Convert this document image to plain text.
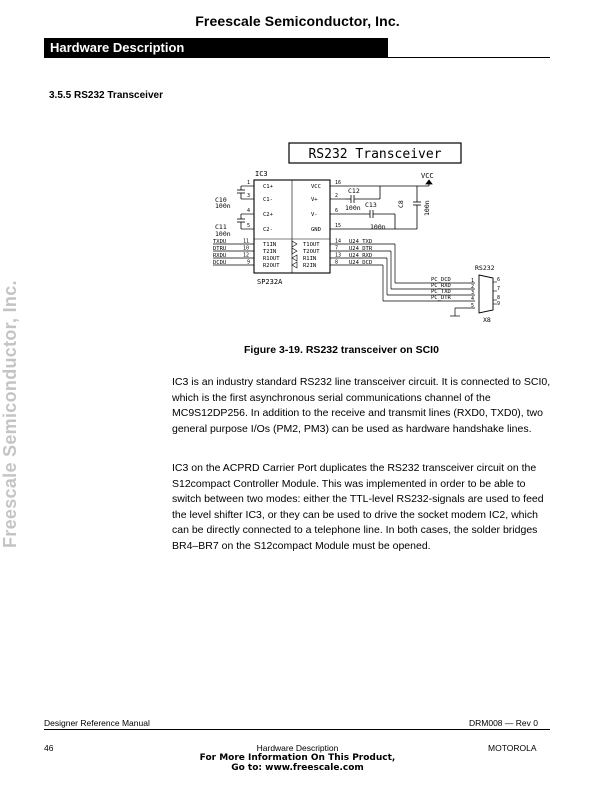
Freescale Semiconductor, Inc.
Hardware Description
Freescale Semiconductor, Inc.
3.5.5 RS232 Transceiver
RS232 Transceiver
IC3
SP232A
C1+
C1-
C2+
C2-
T1IN
T2IN
R1OUT
R2OUT
VCC
V+
V-
GND
T1OUT
T2OUT
R1IN
R2IN
1
3
4
5
11
10
12
9
C10
100n
C11
100n
TXDU
DTRU
RXDU
DCDU
16
2
6
15
14
7
13
8
C12
100n C13
100n
C8	100n
VCC
U24_TXD
U24_DTR
U24_RXD
U24_DCD
PC_DCD
PC_RXD
PC_TXD
PC_DTR
1
2
3
4
5
6
7
8
9
RS232
X8
Figure 3-19. RS232 transceiver on SCI0
IC3 is an industry standard RS232 line transceiver circuit. It is connected to SCI0, which is the first asynchronous serial communications channel of the MC9S12DP256. In addition to the receive and transmit lines (RXD0, TXD0), two general purpose I/Os (PM2, PM3) can be used as hardware handshake lines.
IC3 on the ACPRD Carrier Port duplicates the RS232 transceiver circuit on the S12compact Controller Module. This was implemented in order to be able to switch between two modes: either the TTL-level RS232-signals are used to feed the level shifter IC3, or they can be used to drive the socket modem IC2, which can be directly connected to a telephone line. In both cases, the solder bridges BR4–BR7 on the S12compact Module must be opened.
Designer Reference Manual	DRM008 — Rev 0
46	Hardware Description	MOTOROLA
For More Information On This Product,
Go to: www.freescale.com
